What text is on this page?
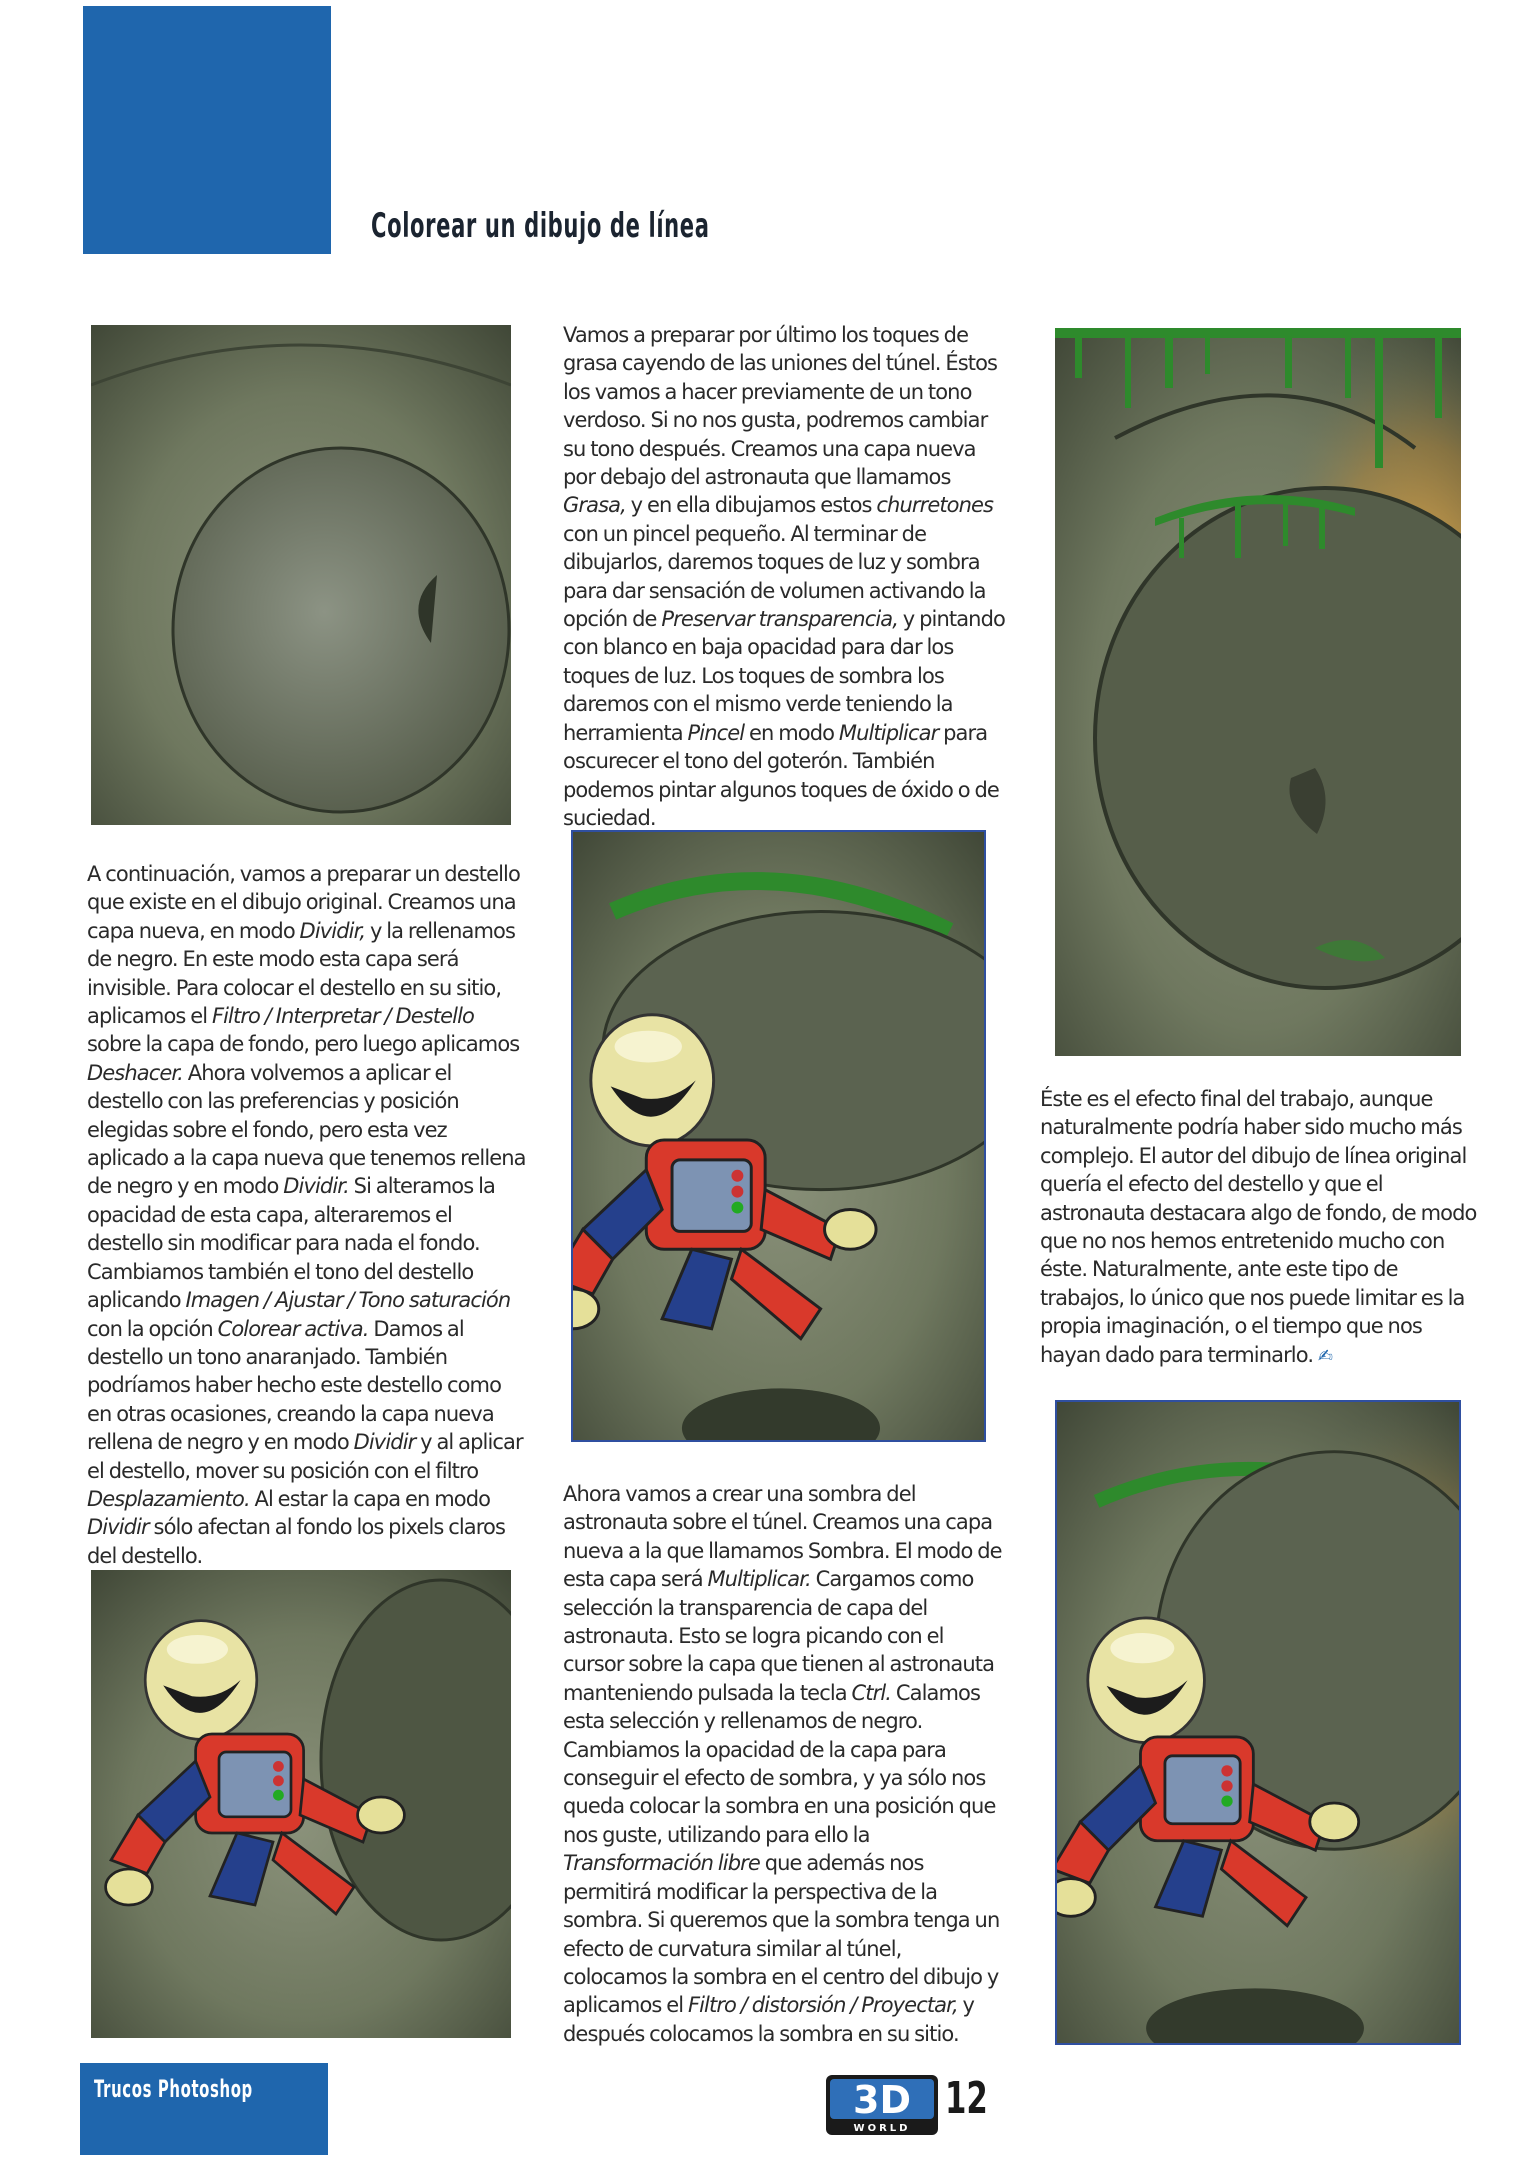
Colorear un dibujo de línea

Vamos a preparar por último los toques de grasa cayendo de las uniones del túnel. Éstos los vamos a hacer previamente de un tono verdoso. Si no nos gusta, podremos cambiar su tono después. Creamos una capa nueva por debajo del astronauta que llamamos Grasa, y en ella dibujamos estos churretones con un pincel pequeño. Al terminar de dibujarlos, daremos toques de luz y sombra para dar sensación de volumen activando la opción de Preservar transparencia, y pintando con blanco en baja opacidad para dar los toques de luz. Los toques de sombra los daremos con el mismo verde teniendo la herramienta Pincel en modo Multiplicar para oscurecer el tono del goterón. También podemos pintar algunos toques de óxido o de suciedad.

A continuación, vamos a preparar un destello que existe en el dibujo original. Creamos una capa nueva, en modo Dividir, y la rellenamos de negro. En este modo esta capa será invisible. Para colocar el destello en su sitio, aplicamos el Filtro / Interpretar / Destello sobre la capa de fondo, pero luego aplicamos Deshacer. Ahora volvemos a aplicar el destello con las preferencias y posición elegidas sobre el fondo, pero esta vez aplicado a la capa nueva que tenemos rellena de negro y en modo Dividir. Si alteramos la opacidad de esta capa, alteraremos el destello sin modificar para nada el fondo. Cambiamos también el tono del destello aplicando Imagen / Ajustar / Tono saturación con la opción Colorear activa. Damos al destello un tono anaranjado. También podríamos haber hecho este destello como en otras ocasiones, creando la capa nueva rellena de negro y en modo Dividir y al aplicar el destello, mover su posición con el filtro Desplazamiento. Al estar la capa en modo Dividir sólo afectan al fondo los pixels claros del destello.

Éste es el efecto final del trabajo, aunque naturalmente podría haber sido mucho más complejo. El autor del dibujo de línea original quería el efecto del destello y que el astronauta destacara algo de fondo, de modo que no nos hemos entretenido mucho con éste. Naturalmente, ante este tipo de trabajos, lo único que nos puede limitar es la propia imaginación, o el tiempo que nos hayan dado para terminarlo. ✍

Ahora vamos a crear una sombra del astronauta sobre el túnel. Creamos una capa nueva a la que llamamos Sombra. El modo de esta capa será Multiplicar. Cargamos como selección la transparencia de capa del astronauta. Esto se logra picando con el cursor sobre la capa que tienen al astronauta manteniendo pulsada la tecla Ctrl. Calamos esta selección y rellenamos de negro. Cambiamos la opacidad de la capa para conseguir el efecto de sombra, y ya sólo nos queda colocar la sombra en una posición que nos guste, utilizando para ello la Transformación libre que además nos permitirá modificar la perspectiva de la sombra. Si queremos que la sombra tenga un efecto de curvatura similar al túnel, colocamos la sombra en el centro del dibujo y aplicamos el Filtro / distorsión / Proyectar, y después colocamos la sombra en su sitio.

Trucos Photoshop	3D
WORLD
12
